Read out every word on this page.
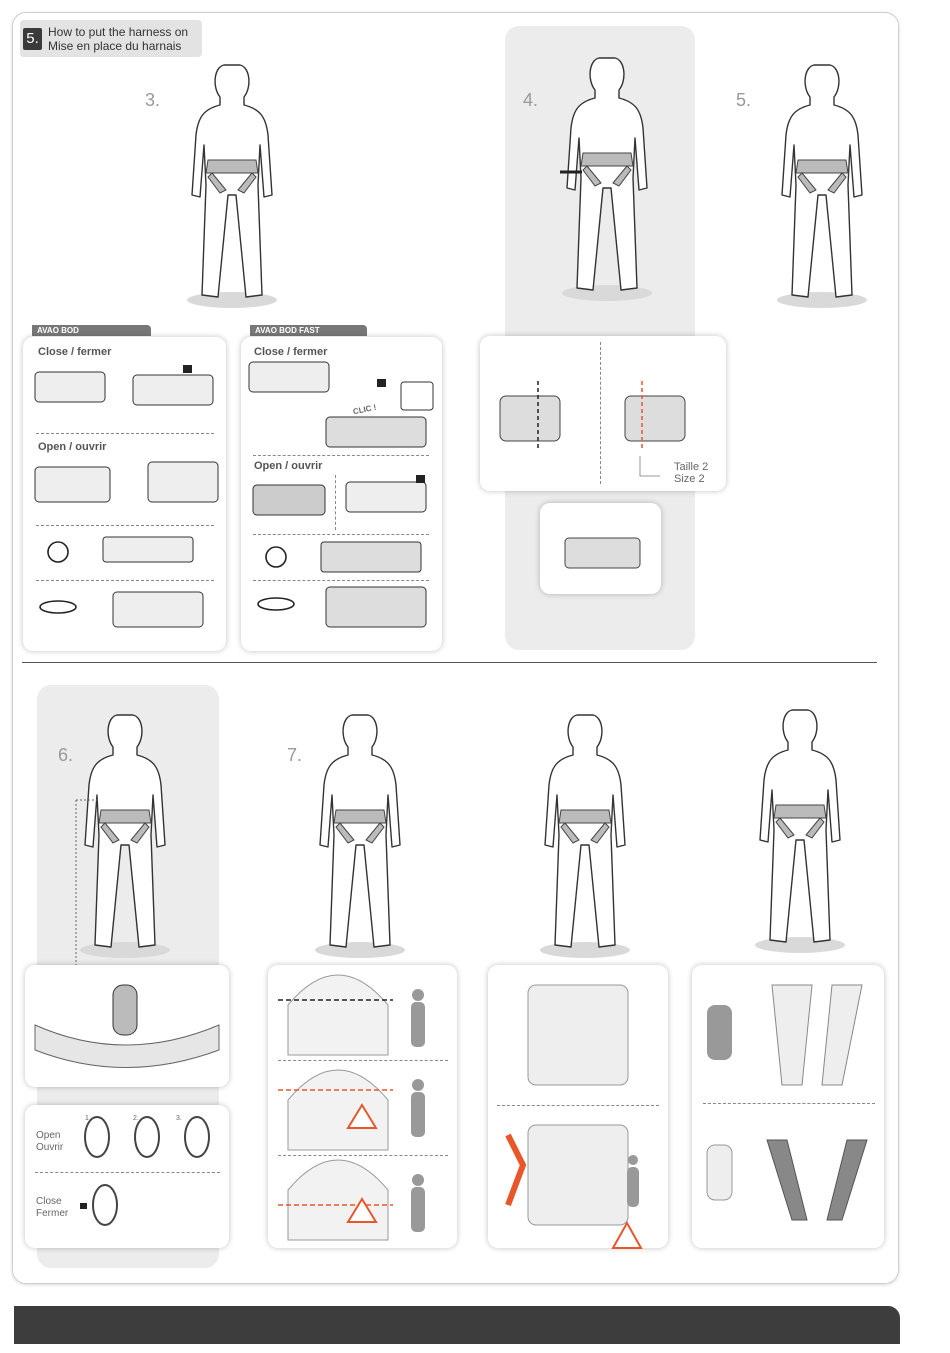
5. How to put the harness on
Mise en place du harnais
3.	4.	5.
6.	7.
AVAO BOD
Close / fermer
Open / ouvrir
AVAO BOD FAST
Close / fermer
Open / ouvrir
CLIC !
Taille 2
Size 2
Open
Ouvrir
Close
Fermer
1.	2.	3.
